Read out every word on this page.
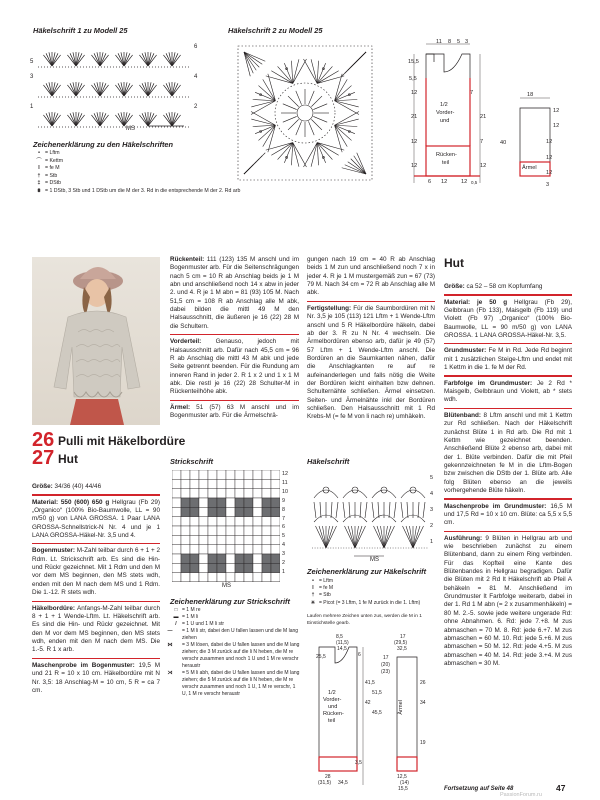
Häkelschrift 1 zu Modell 25
6
4
2
5
3
1
MS
Zeichenerklärung zu den Häkelschriften
• = Lftm
⌒ = Kettm
I = fe M
† = Stb
‡ = DStb
⩩ = 1 DStb, 3 Stb und 1 DStb um die M der 3. Rd in die entsprechende M der 2. Rd arb
Häkelschrift 2 zu Modell 25
11 8 5 3
15,5
5,5
12
21
12
12
6 12 12 0,5
1/2
Vorder-
und
Rücken-
teil
7
21
7
12
18
12
12
40	12
12
12
Ärmel
3
26
27
Pulli mit Häkelbordüre
Hut

Größe: 34/36 (40) 44/46

Material: 550 (600) 650 g Hellgrau (Fb 29) „Organico“ (100% Bio-Baumwolle, LL = 90 m/50 g) von LANA GROSSA. 1 Paar LANA GROSSA-Schnellstrick-N Nr. 4 und je 1 LANA GROSSA-Häkel-Nr. 3,5 und 4.

Bogenmuster: M-Zahl teilbar durch 6 + 1 + 2 Rdm. Lt. Strickschrift arb. Es sind die Hin- und Rückr gezeichnet. Mit 1 Rdm und den M vor dem MS beginnen, den MS stets wdh, enden mit den M nach dem MS und 1 Rdm. Die 1.-12. R stets wdh.

Häkelbordüre: Anfangs-M-Zahl teilbar durch 8 + 1 + 1 Wende-Lftm. Lt. Häkelschrift arb. Es sind die Hin- und Rückr gezeichnet. Mit den M vor dem MS beginnen, den MS stets wdh, enden mit den M nach dem MS. Die 1.-5. R 1 x arb.

Maschenprobe im Bogenmuster: 19,5 M und 21 R = 10 x 10 cm. Häkelbordüre mit N Nr. 3,5: 18 Anschlag-M = 10 cm, 5 R = ca 7 cm.

Rückenteil: 111 (123) 135 M anschl und im Bogenmuster arb. Für die Seitenschrägungen nach 5 cm = 10 R ab Anschlag beids je 1 M abn und anschließend noch 14 x abw in jeder 2. und 4. R je 1 M abn = 81 (93) 105 M. Nach 51,5 cm = 108 R ab Anschlag alle M abk, dabei bilden die mittl 49 M den Halsausschnitt, die äußeren je 16 (22) 28 M die Schultern.

Vorderteil: Genauso, jedoch mit Halsausschnitt arb. Dafür nach 45,5 cm = 96 R ab Anschlag die mittl 43 M abk und jede Seite getrennt beenden. Für die Rundung am inneren Rand in jeder 2. R 1 x 2 und 1 x 1 M abk. Die restl je 16 (22) 28 Schulter-M in Rückenteilhöhe abk.

Ärmel: 51 (57) 63 M anschl und im Bogenmuster arb. Für die Ärmelschrä-

Strickschrift
12
11
10
9
8
7
6
5
4
3
2
1
MS
Zeichenerklärung zur Strickschrift
□ = 1 M re
▬ = 1 M li
/ = 1 U und 1 M li str
— = 1 M li str, dabei den U fallen lassen und die M lang ziehen
⋈ = 3 M lösen, dabei die U fallen lassen und die M lang ziehen; die 3 M zurück auf die li N heben, die M re verschr zusammen und noch 1 U und 1 M re verschr heraustr
⋊ = 5 M li abh, dabei die U fallen lassen und die M lang ziehen; die 5 M zurück auf die li N heben, die M re verschr zusammen und noch 1 U, 1 M re verschr, 1 U, 1 M re verschr heraustr

gungen nach 19 cm = 40 R ab Anschlag beids 1 M zun und anschließend noch 7 x in jeder 4. R je 1 M mustergemäß zun = 67 (73) 79 M. Nach 34 cm = 72 R ab Anschlag alle M abk.

Fertigstellung: Für die Saumbordüren mit N Nr. 3,5 je 105 (113) 121 Lftm + 1 Wende-Lftm anschl und 5 R Häkelbordüre häkeln, dabei ab der 3. R zu N Nr. 4 wechseln. Die Ärmelbordüren ebenso arb, dafür je 49 (57) 57 Lftm + 1 Wende-Lftm anschl. Die Bordüren an die Saumkanten nähen, dafür die Anschlagkanten re auf re aufeinanderlegen und falls nötig die Weite der Bordüren leicht einhalten bzw dehnen. Schulternähte schließen. Ärmel einsetzen. Seiten- und Ärmelnähte inkl der Bordüren schließen. Den Halsausschnitt mit 1 Rd Krebs-M (= fe M von li nach re) umhäkeln.

Häkelschrift
5
4
3
2
1
MS
Zeichenerklärung zur Häkelschrift
• = Lftm
I = fe M
† = Stb
✳ = Picot (= 3 Lftm, 1 fe M zurück in die 1. Lftm)
Laufen mehrere Zeichen unten zus, werden die M in 1 Einstichstelle gearb.
8,5
(11,5)
14,5
25,5	6
41,5
51,5
42
45,5
17
(20)
(23)
17
(29,5)
32,5
26
34
19
3,5
28
(31,5) 34,5
12,5
(14)
15,5
1/2
Vorder-
und
Rücken-
teil
Ärmel
Hut

Größe: ca 52 – 58 cm Kopfumfang

Material: je 50 g Hellgrau (Fb 29), Gelbbraun (Fb 133), Maisgelb (Fb 119) und Violett (Fb 97) „Organico“ (100% Bio-Baumwolle, LL = 90 m/50 g) von LANA GROSSA. 1 LANA GROSSA-Häkel-Nr. 3,5.

Grundmuster: Fe M in Rd. Jede Rd beginnt mit 1 zusätzlichen Steige-Lftm und endet mit 1 Kettm in die 1. fe M der Rd.

Farbfolge im Grundmuster: Je 2 Rd * Maisgelb, Gelbbraun und Violett, ab * stets wdh.

Blütenband: 8 Lftm anschl und mit 1 Kettm zur Rd schließen. Nach der Häkelschrift zunächst Blüte 1 in Rd arb. Die Rd mit 1 Kettm wie gezeichnet beenden. Anschließend Blüte 2 ebenso arb, dabei mit der 1. Blüte verbinden. Dafür die mit Pfeil gekennzeichneten fe M in die Lftm-Bogen bzw zwischen die DStb der 1. Blüte arb. Alle folg Blüten ebenso an die jeweils vorhergehende Blüte häkeln.

Maschenprobe im Grundmuster: 16,5 M und 17,5 Rd = 10 x 10 cm. Blüte: ca 5,5 x 5,5 cm.

Ausführung: 9 Blüten in Hellgrau arb und wie beschrieben zunächst zu einem Blütenband, dann zu einem Ring verbinden. Für das Kopfteil eine Kante des Blütenbandes in Hellgrau begradigen. Dafür die Blüten mit 2 Rd lt Häkelschrift ab Pfeil A behäkeln = 81 M. Anschließend im Grundmuster lt Farbfolge weiterarb, dabei in der 1. Rd 1 M abn (= 2 x zusammenhäkeln) = 80 M. 2.-5. sowie jede weitere ungerade Rd: ohne Abnahmen. 6. Rd: jede 7.+8. M zus abmaschen = 70 M. 8. Rd: jede 6.+7. M zus abmaschen = 60 M. 10. Rd: jede 5.+6. M zus abmaschen = 50 M. 12. Rd: jede 4.+5. M zus abmaschen = 40 M. 14. Rd: jede 3.+4. M zus abmaschen = 30 M.

Fortsetzung auf Seite 48	47
PassionForum.ru
